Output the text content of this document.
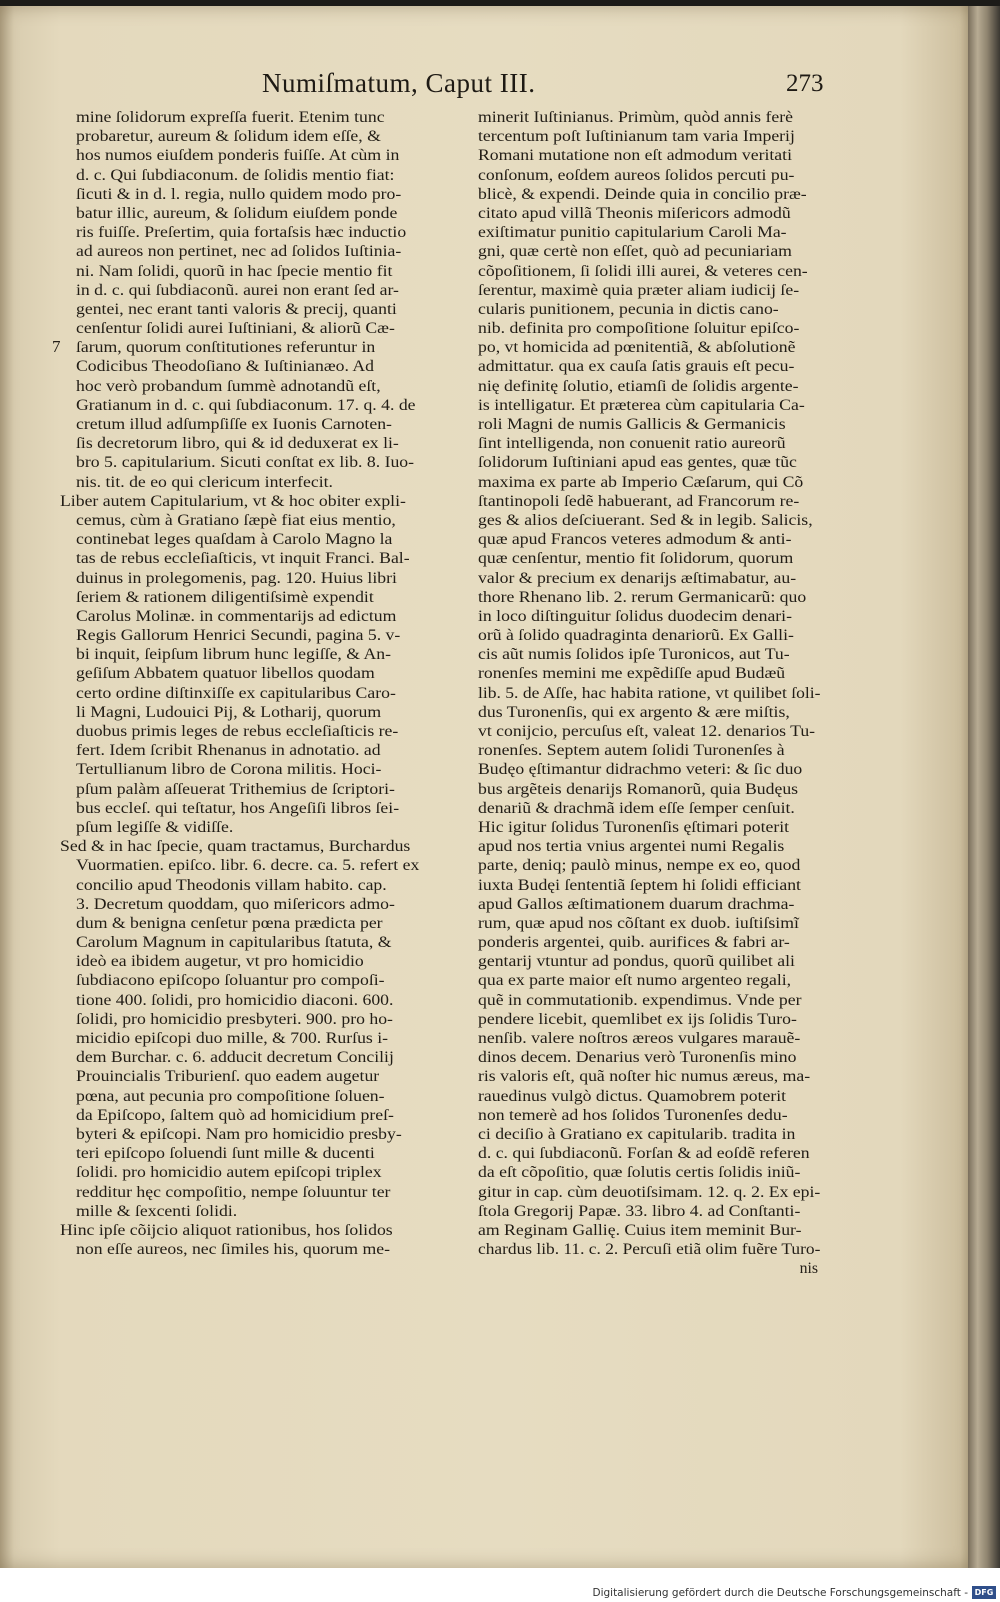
Numiſmatum, Caput III.	273
7
mine ſolidorum expreſſa fuerit. Etenim tunc
probaretur, aureum & ſolidum idem eſſe, &
hos numos eiuſdem ponderis fuiſſe. At cùm in
d. c. Qui ſubdiaconum. de ſolidis mentio fiat:
ſicuti & in d. l. regia, nullo quidem modo pro-
batur illic, aureum, & ſolidum eiuſdem ponde
ris fuiſſe. Preſertim, quia fortaſsis hæc inductio
ad aureos non pertinet, nec ad ſolidos Iuſtinia-
ni. Nam ſolidi, quorũ in hac ſpecie mentio fit
in d. c. qui ſubdiaconũ. aurei non erant ſed ar-
gentei, nec erant tanti valoris & precij, quanti
cenſentur ſolidi aurei Iuſtiniani, & aliorũ Cæ-
ſarum, quorum conſtitutiones referuntur in
Codicibus Theodoſiano & Iuſtinianæo. Ad
hoc verò probandum ſummè adnotandũ eſt,
Gratianum in d. c. qui ſubdiaconum. 17. q. 4. de
cretum illud adſumpſiſſe ex Iuonis Carnoten-
ſis decretorum libro, qui & id deduxerat ex li-
bro 5. capitularium. Sicuti conſtat ex lib. 8. Iuo-
nis. tit. de eo qui clericum interfecit.
Liber autem Capitularium, vt & hoc obiter expli-
cemus, cùm à Gratiano ſæpè fiat eius mentio,
continebat leges quaſdam à Carolo Magno la
tas de rebus eccleſiaſticis, vt inquit Franci. Bal-
duinus in prolegomenis, pag. 120. Huius libri
ſeriem & rationem diligentiſsimè expendit
Carolus Molinæ. in commentarijs ad edictum
Regis Gallorum Henrici Secundi, pagina 5. v-
bi inquit, ſeipſum librum hunc legiſſe, & An-
geſiſum Abbatem quatuor libellos quodam
certo ordine diſtinxiſſe ex capitularibus Caro-
li Magni, Ludouici Pij, & Lotharij, quorum
duobus primis leges de rebus eccleſiaſticis re-
fert. Idem ſcribit Rhenanus in adnotatio. ad
Tertullianum libro de Corona militis. Hoci-
pſum palàm aſſeuerat Trithemius de ſcriptori-
bus eccleſ. qui teſtatur, hos Angeſiſi libros ſei-
pſum legiſſe & vidiſſe.
Sed & in hac ſpecie, quam tractamus, Burchardus
Vuormatien. epiſco. libr. 6. decre. ca. 5. refert ex
concilio apud Theodonis villam habito. cap.
3. Decretum quoddam, quo miſericors admo-
dum & benigna cenſetur pœna prædicta per
Carolum Magnum in capitularibus ſtatuta, &
ideò ea ibidem augetur, vt pro homicidio
ſubdiacono epiſcopo ſoluantur pro compoſi-
tione 400. ſolidi, pro homicidio diaconi. 600.
ſolidi, pro homicidio presbyteri. 900. pro ho-
micidio epiſcopi duo mille, & 700. Rurſus i-
dem Burchar. c. 6. adducit decretum Concilij
Prouincialis Triburienſ. quo eadem augetur
pœna, aut pecunia pro compoſitione ſoluen-
da Epiſcopo, ſaltem quò ad homicidium preſ-
byteri & epiſcopi. Nam pro homicidio presby-
teri epiſcopo ſoluendi ſunt mille & ducenti
ſolidi. pro homicidio autem epiſcopi triplex
redditur hęc compoſitio, nempe ſoluuntur ter
mille & ſexcenti ſolidi.
Hinc ipſe cõijcio aliquot rationibus, hos ſolidos
non eſſe aureos, nec ſimiles his, quorum me-
minerit Iuſtinianus. Primùm, quòd annis ferè
tercentum poſt Iuſtinianum tam varia Imperij
Romani mutatione non eſt admodum veritati
conſonum, eoſdem aureos ſolidos percuti pu-
blicè, & expendi. Deinde quia in concilio præ-
citato apud villã Theonis miſericors admodũ
exiſtimatur punitio capitularium Caroli Ma-
gni, quæ certè non eſſet, quò ad pecuniariam
cõpoſitionem, ſi ſolidi illi aurei, & veteres cen-
ſerentur, maximè quia præter aliam iudicij ſe-
cularis punitionem, pecunia in dictis cano-
nib. definita pro compoſitione ſoluitur epiſco-
po, vt homicida ad pœnitentiã, & abſolutionẽ
admittatur. qua ex cauſa ſatis grauis eſt pecu-
nię definitę ſolutio, etiamſi de ſolidis argente-
is intelligatur. Et præterea cùm capitularia Ca-
roli Magni de numis Gallicis & Germanicis
ſint intelligenda, non conuenit ratio aureorũ
ſolidorum Iuſtiniani apud eas gentes, quæ tũc
maxima ex parte ab Imperio Cæſarum, qui Cõ
ſtantinopoli ſedẽ habuerant, ad Francorum re-
ges & alios deſciuerant. Sed & in legib. Salicis,
quæ apud Francos veteres admodum & anti-
quæ cenſentur, mentio fit ſolidorum, quorum
valor & precium ex denarijs æſtimabatur, au-
thore Rhenano lib. 2. rerum Germanicarũ: quo
in loco diſtinguitur ſolidus duodecim denari-
orũ à ſolido quadraginta denariorũ. Ex Galli-
cis aũt numis ſolidos ipſe Turonicos, aut Tu-
ronenſes memini me expẽdiſſe apud Budæũ
lib. 5. de Aſſe, hac habita ratione, vt quilibet ſoli-
dus Turonenſis, qui ex argento & ære miſtis,
vt conijcio, percuſus eſt, valeat 12. denarios Tu-
ronenſes. Septem autem ſolidi Turonenſes à
Budęo ęſtimantur didrachmo veteri: & ſic duo
bus argẽteis denarijs Romanorũ, quia Budęus
denariũ & drachmã idem eſſe ſemper cenſuit.
Hic igitur ſolidus Turonenſis ęſtimari poterit
apud nos tertia vnius argentei numi Regalis
parte, deniq; paulò minus, nempe ex eo, quod
iuxta Budęi ſententiã ſeptem hi ſolidi efficiant
apud Gallos æſtimationem duarum drachma-
rum, quæ apud nos cõſtant ex duob. iuſtiſsimĩ
ponderis argentei, quib. aurifices & fabri ar-
gentarij vtuntur ad pondus, quorũ quilibet ali
qua ex parte maior eſt numo argenteo regali,
quẽ in commutationib. expendimus. Vnde per
pendere licebit, quemlibet ex ijs ſolidis Turo-
nenſib. valere noſtros æreos vulgares marauẽ-
dinos decem. Denarius verò Turonenſis mino
ris valoris eſt, quã noſter hic numus æreus, ma-
rauedinus vulgò dictus. Quamobrem poterit
non temerè ad hos ſolidos Turonenſes dedu-
ci deciſio à Gratiano ex capitularib. tradita in
d. c. qui ſubdiaconũ. Forſan & ad eoſdẽ referen
da eſt cõpoſitio, quæ ſolutis certis ſolidis iniũ-
gitur in cap. cùm deuotiſsimam. 12. q. 2. Ex epi-
ſtola Gregorij Papæ. 33. libro 4. ad Conſtanti-
am Reginam Gallię. Cuius item meminit Bur-
chardus lib. 11. c. 2. Percuſi etiã olim fuẽre Turo-
nis
Digitalisierung gefördert durch die Deutsche Forschungsgemeinschaft - DFG
